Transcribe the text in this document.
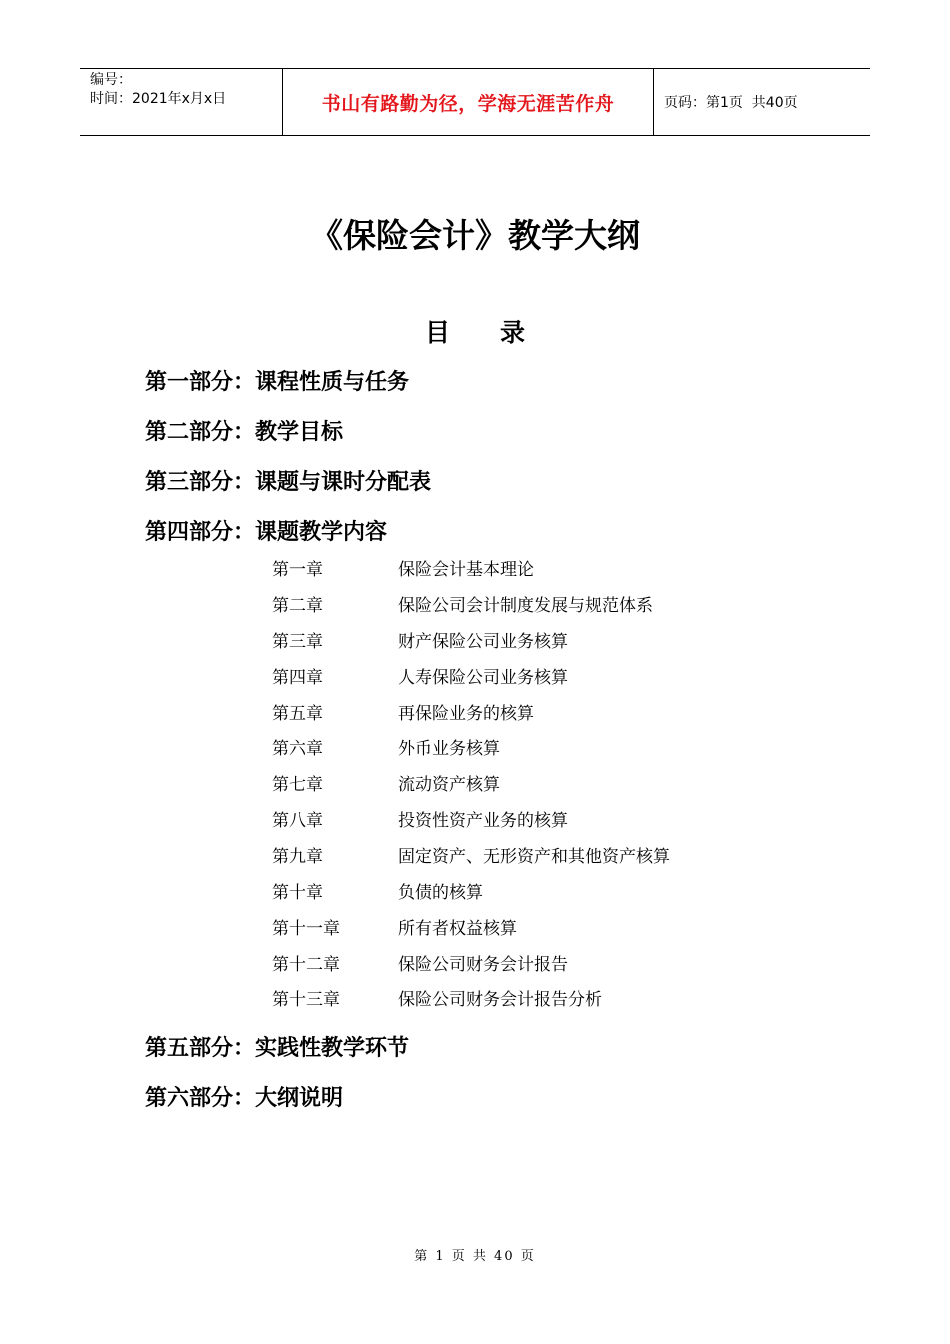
编号：
时间：2021年x月x日	书山有路勤为径，学海无涯苦作舟	页码：第1页  共40页
《保险会计》教学大纲
目录
第一部分：课程性质与任务
第二部分：教学目标
第三部分：课题与课时分配表
第四部分：课题教学内容
第一章	保险会计基本理论
第二章	保险公司会计制度发展与规范体系
第三章	财产保险公司业务核算
第四章	人寿保险公司业务核算
第五章	再保险业务的核算
第六章	外币业务核算
第七章	流动资产核算
第八章	投资性资产业务的核算
第九章	固定资产、无形资产和其他资产核算
第十章	负债的核算
第十一章	所有者权益核算
第十二章	保险公司财务会计报告
第十三章	保险公司财务会计报告分析
第五部分：实践性教学环节
第六部分：大纲说明
第 1 页 共 40 页
